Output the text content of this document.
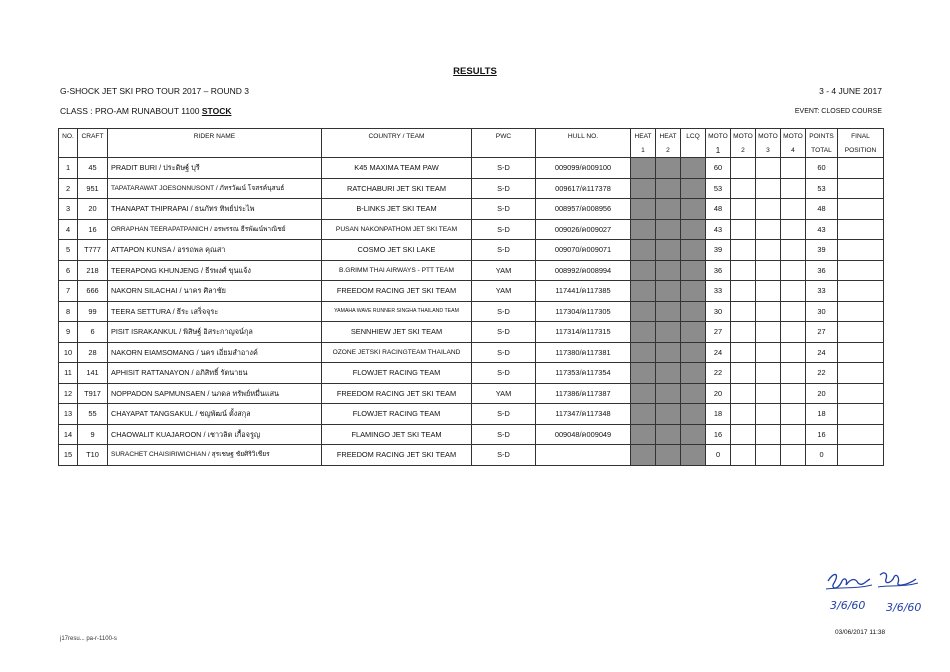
RESULTS
G-SHOCK JET SKI PRO TOUR 2017 – ROUND 3	3 - 4 JUNE 2017
CLASS : PRO-AM RUNABOUT 1100 STOCK	EVENT: CLOSED COURSE
NO.	CRAFT	RIDER NAME	COUNTRY / TEAM	PWC	HULL NO.	HEAT	HEAT	LCQ	MOTO	MOTO	MOTO	MOTO	POINTS	FINAL
						1	2		1	2	3	4	TOTAL	POSITION
1	45	PRADIT BURI / ประดิษฐ์ บุรี	K45 MAXIMA TEAM PAW	S-D	009099/ค009100				60				60	
2	951	TAPATARAWAT JOESONNUSONT / ภัทรวัฒน์ โจสรค์นุสนธ์	RATCHABURI JET SKI TEAM	S-D	009617/ค117378				53				53	
3	20	THANAPAT THIPRAPAI / ธนภัทร ทิพย์ประไพ	B-LINKS JET SKI TEAM	S-D	008957/ค008956				48				48	
4	16	ORRAPHAN TEERAPATPANICH / อรพรรณ ธีรพัฒน์พาณิชย์	PUSAN NAKONPATHOM JET SKI TEAM	S-D	009026/ค009027				43				43	
5	T777	ATTAPON KUNSA / อรรถพล คุณสา	COSMO JET SKI LAKE	S-D	009070/ค009071				39				39	
6	218	TEERAPONG KHUNJENG / ธีรพงศ์ ขุนแจ้ง	B.GRIMM THAI AIRWAYS - PTT TEAM	YAM	008992/ค008994				36				36	
7	666	NAKORN SILACHAI / นาคร ศิลาชัย	FREEDOM RACING JET SKI TEAM	YAM	117441/ค117385				33				33	
8	99	TEERA SETTURA / ธีระ เสร็จจุระ	YAMAHA WAVE RUNNER SINGHA THAILAND TEAM	S-D	117304/ค117305				30				30	
9	6	PISIT ISRAKANKUL / พิสิษฐ์ อิสระกาญจน์กุล	SENNHIEW JET SKI TEAM	S-D	117314/ค117315				27				27	
10	28	NAKORN EIAMSOMANG / นคร เอี่ยมสำอางค์	OZONE JETSKI RACINGTEAM THAILAND	S-D	117380/ค117381				24				24	
11	141	APHISIT RATTANAYON / อภิสิทธิ์ รัตนายน	FLOWJET RACING TEAM	S-D	117353/ค117354				22				22	
12	T917	NOPPADON SAPMUNSAEN / นภดล ทรัพย์หมื่นแสน	FREEDOM RACING JET SKI TEAM	YAM	117386/ค117387				20				20	
13	55	CHAYAPAT TANGSAKUL / ชญพัฒน์ ตั้งสกุล	FLOWJET RACING TEAM	S-D	117347/ค117348				18				18	
14	9	CHAOWALIT KUAJAROON / เชาวลิต เกื้อจรูญ	FLAMINGO JET SKI TEAM	S-D	009048/ค009049				16				16	
15	T10	SURACHET CHAISIRIWICHIAN / สุรเชษฐ ชัยศิริวิเชียร	FREEDOM RACING JET SKI TEAM	S-D					0				0	
3/6/60 3/6/60
03/06/2017 11:38
j17resu... pa-r-1100-s
